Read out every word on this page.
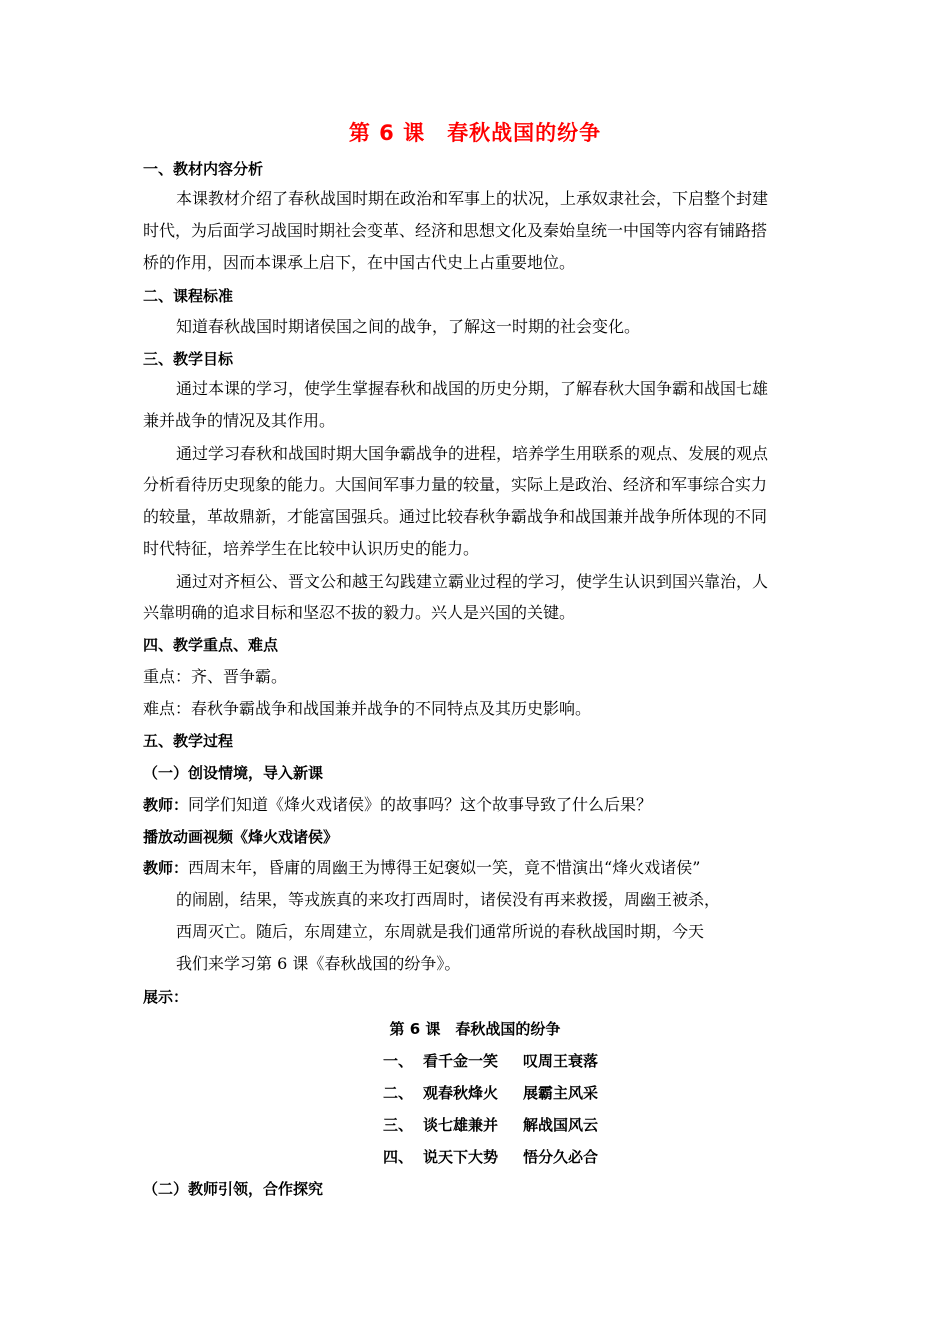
第 6 课　春秋战国的纷争
一、教材内容分析
本课教材介绍了春秋战国时期在政治和军事上的状况，上承奴隶社会，下启整个封建
时代，为后面学习战国时期社会变革、经济和思想文化及秦始皇统一中国等内容有铺路搭
桥的作用，因而本课承上启下，在中国古代史上占重要地位。
二、课程标准
知道春秋战国时期诸侯国之间的战争，了解这一时期的社会变化。
三、教学目标
通过本课的学习，使学生掌握春秋和战国的历史分期，了解春秋大国争霸和战国七雄
兼并战争的情况及其作用。
通过学习春秋和战国时期大国争霸战争的进程，培养学生用联系的观点、发展的观点
分析看待历史现象的能力。大国间军事力量的较量，实际上是政治、经济和军事综合实力
的较量，革故鼎新，才能富国强兵。通过比较春秋争霸战争和战国兼并战争所体现的不同
时代特征，培养学生在比较中认识历史的能力。
通过对齐桓公、晋文公和越王勾践建立霸业过程的学习，使学生认识到国兴靠治，人
兴靠明确的追求目标和坚忍不拔的毅力。兴人是兴国的关键。
四、教学重点、难点
重点：齐、晋争霸。
难点：春秋争霸战争和战国兼并战争的不同特点及其历史影响。
五、教学过程
（一）创设情境，导入新课
教师：同学们知道《烽火戏诸侯》的故事吗？这个故事导致了什么后果？
播放动画视频《烽火戏诸侯》
教师：西周末年，昏庸的周幽王为博得王妃褒姒一笑，竟不惜演出“烽火戏诸侯”
的闹剧，结果，等戎族真的来攻打西周时，诸侯没有再来救援，周幽王被杀，
西周灭亡。随后，东周建立，东周就是我们通常所说的春秋战国时期，今天
我们来学习第 6 课《春秋战国的纷争》。
展示：
第 6 课　春秋战国的纷争
一、 看千金一笑 叹周王衰落
二、 观春秋烽火 展霸主风采
三、 谈七雄兼并 解战国风云
四、 说天下大势 悟分久必合
（二）教师引领，合作探究
